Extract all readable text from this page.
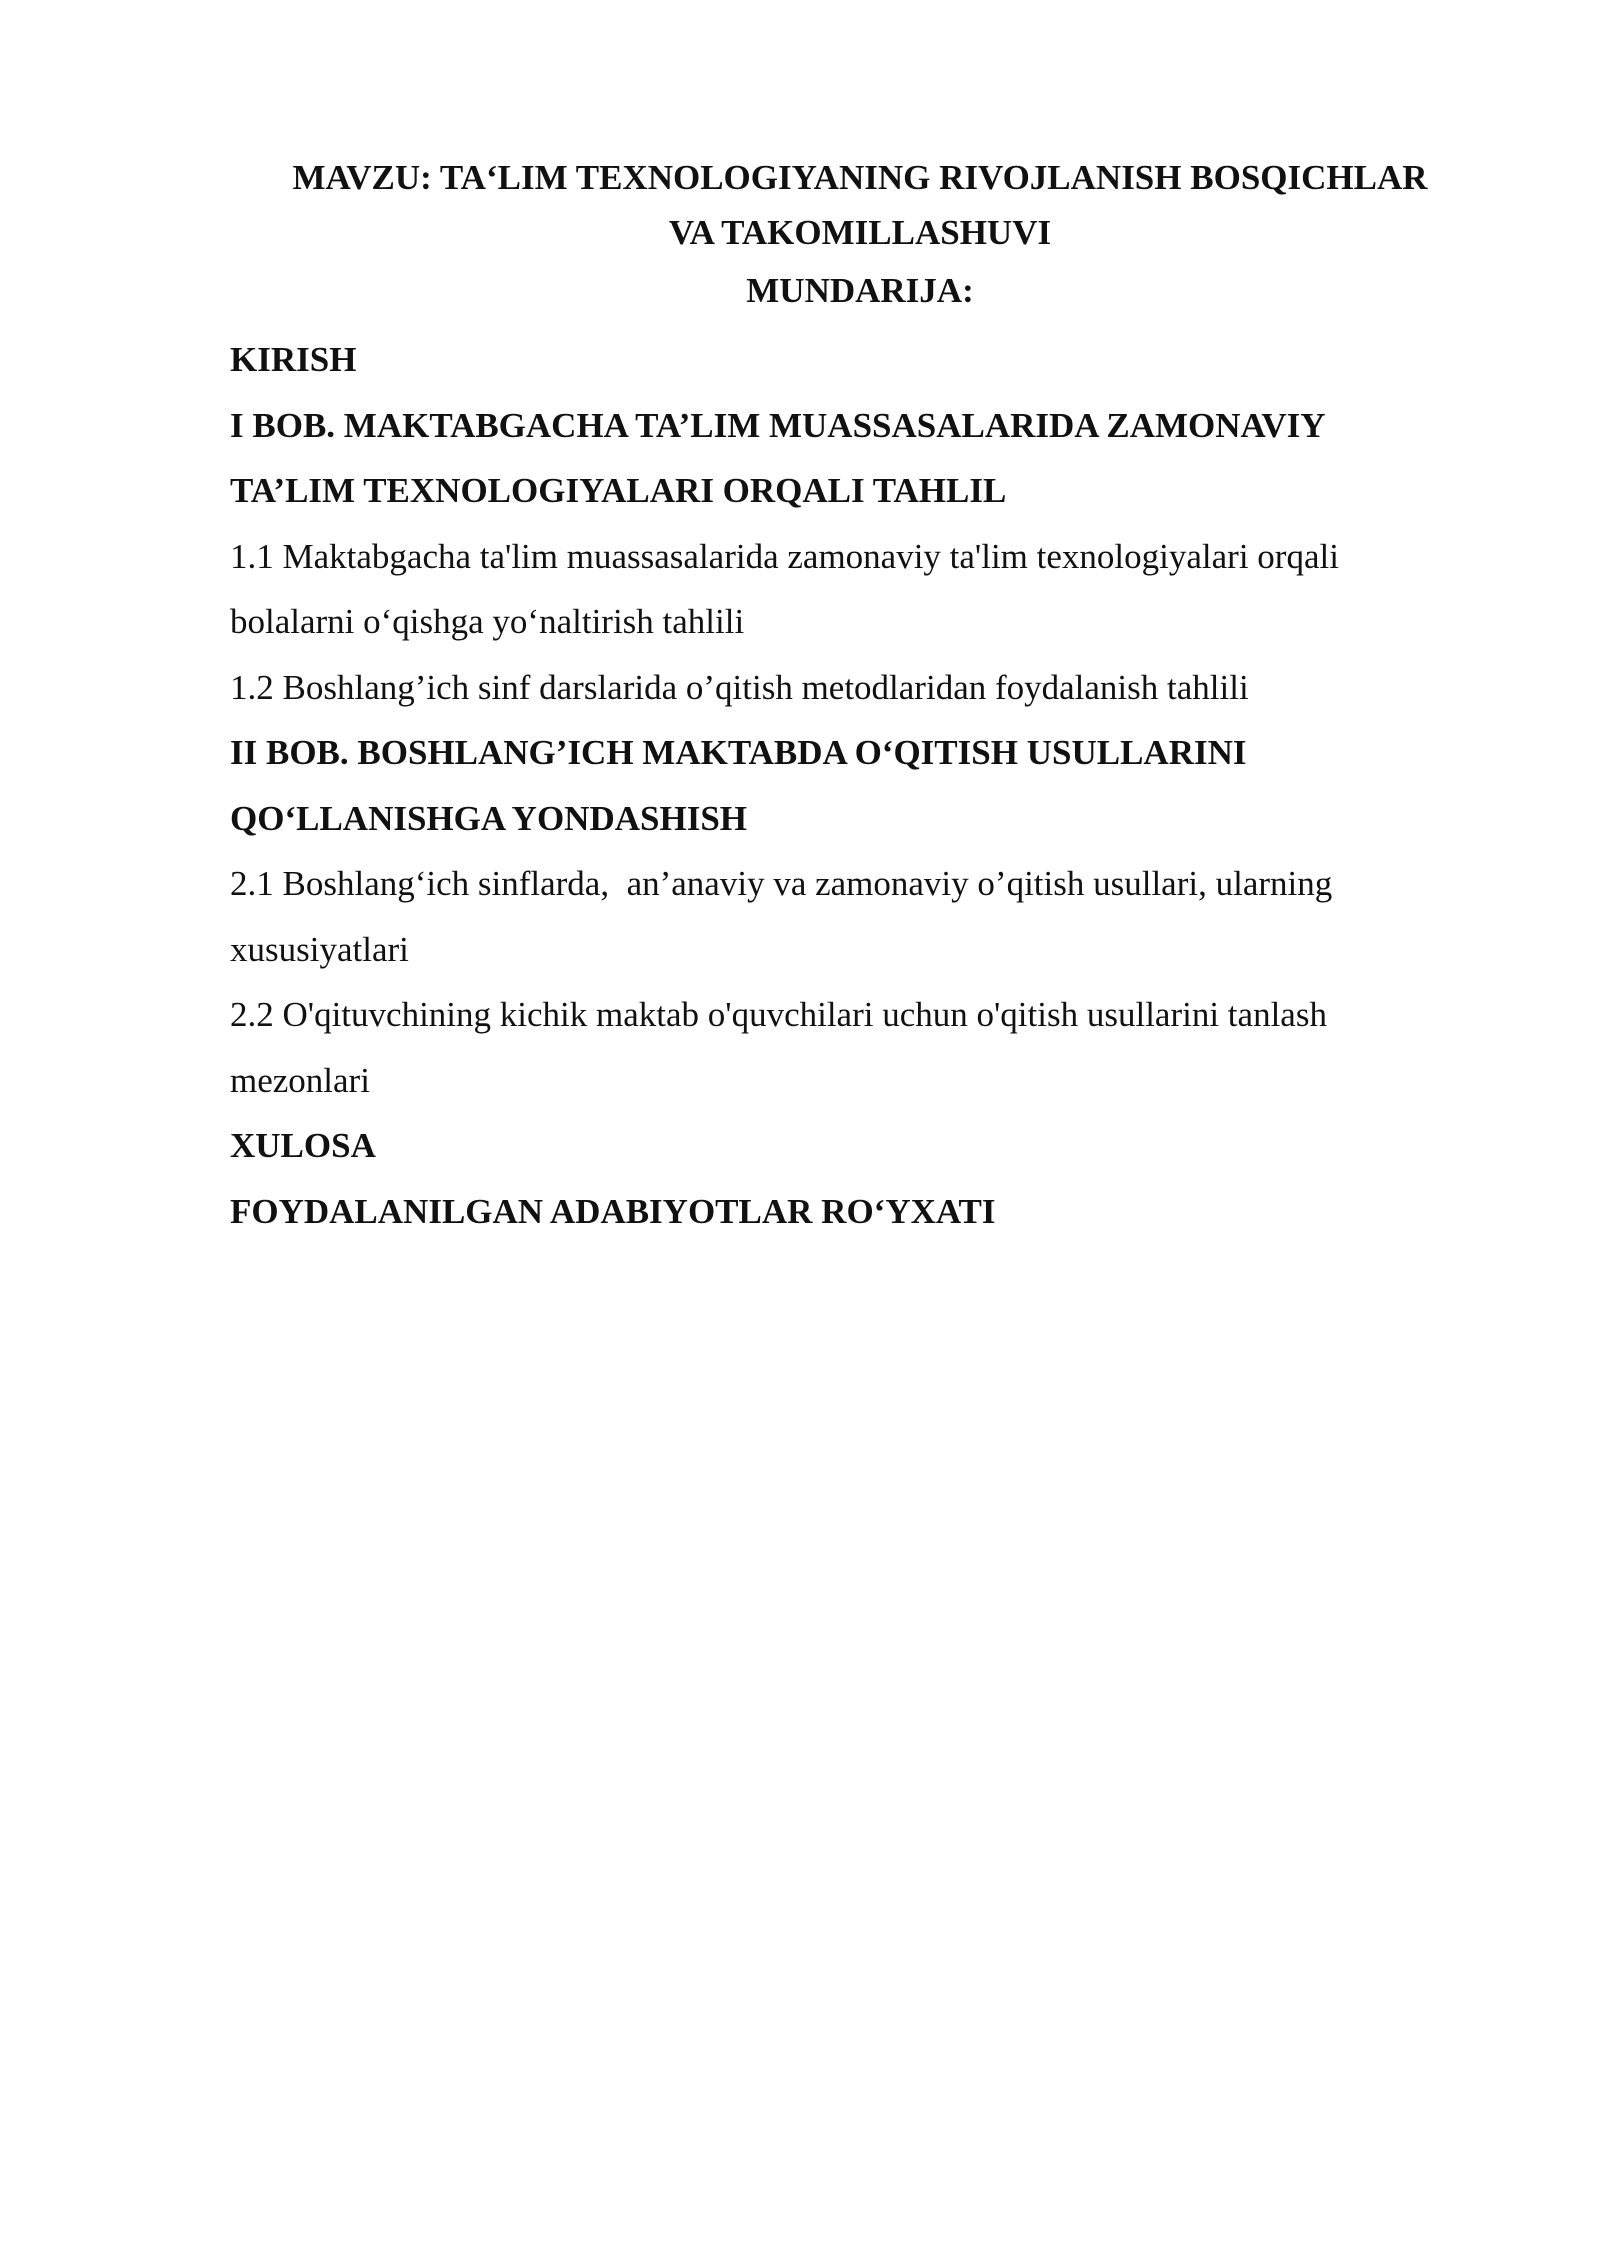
MAVZU: TA‘LIM TEXNOLOGIYANING RIVOJLANISH BOSQICHLAR
VA TAKOMILLASHUVI
MUNDARIJA:
KIRISH
I BOB. MAKTABGACHA TA’LIM MUASSASALARIDA ZAMONAVIY
TA’LIM TEXNOLOGIYALARI ORQALI TAHLIL
1.1 Maktabgacha ta'lim muassasalarida zamonaviy ta'lim texnologiyalari orqali
bolalarni o‘qishga yo‘naltirish tahlili
1.2 Boshlang’ich sinf darslarida o’qitish metodlaridan foydalanish tahlili
II BOB. BOSHLANG’ICH MAKTABDA O‘QITISH USULLARINI
QO‘LLANISHGA YONDASHISH
2.1 Boshlang‘ich sinflarda,  an’anaviy va zamonaviy o’qitish usullari, ularning
xususiyatlari
2.2 O'qituvchining kichik maktab o'quvchilari uchun o'qitish usullarini tanlash
mezonlari
XULOSA
FOYDALANILGAN ADABIYOTLAR RO‘YXATI
